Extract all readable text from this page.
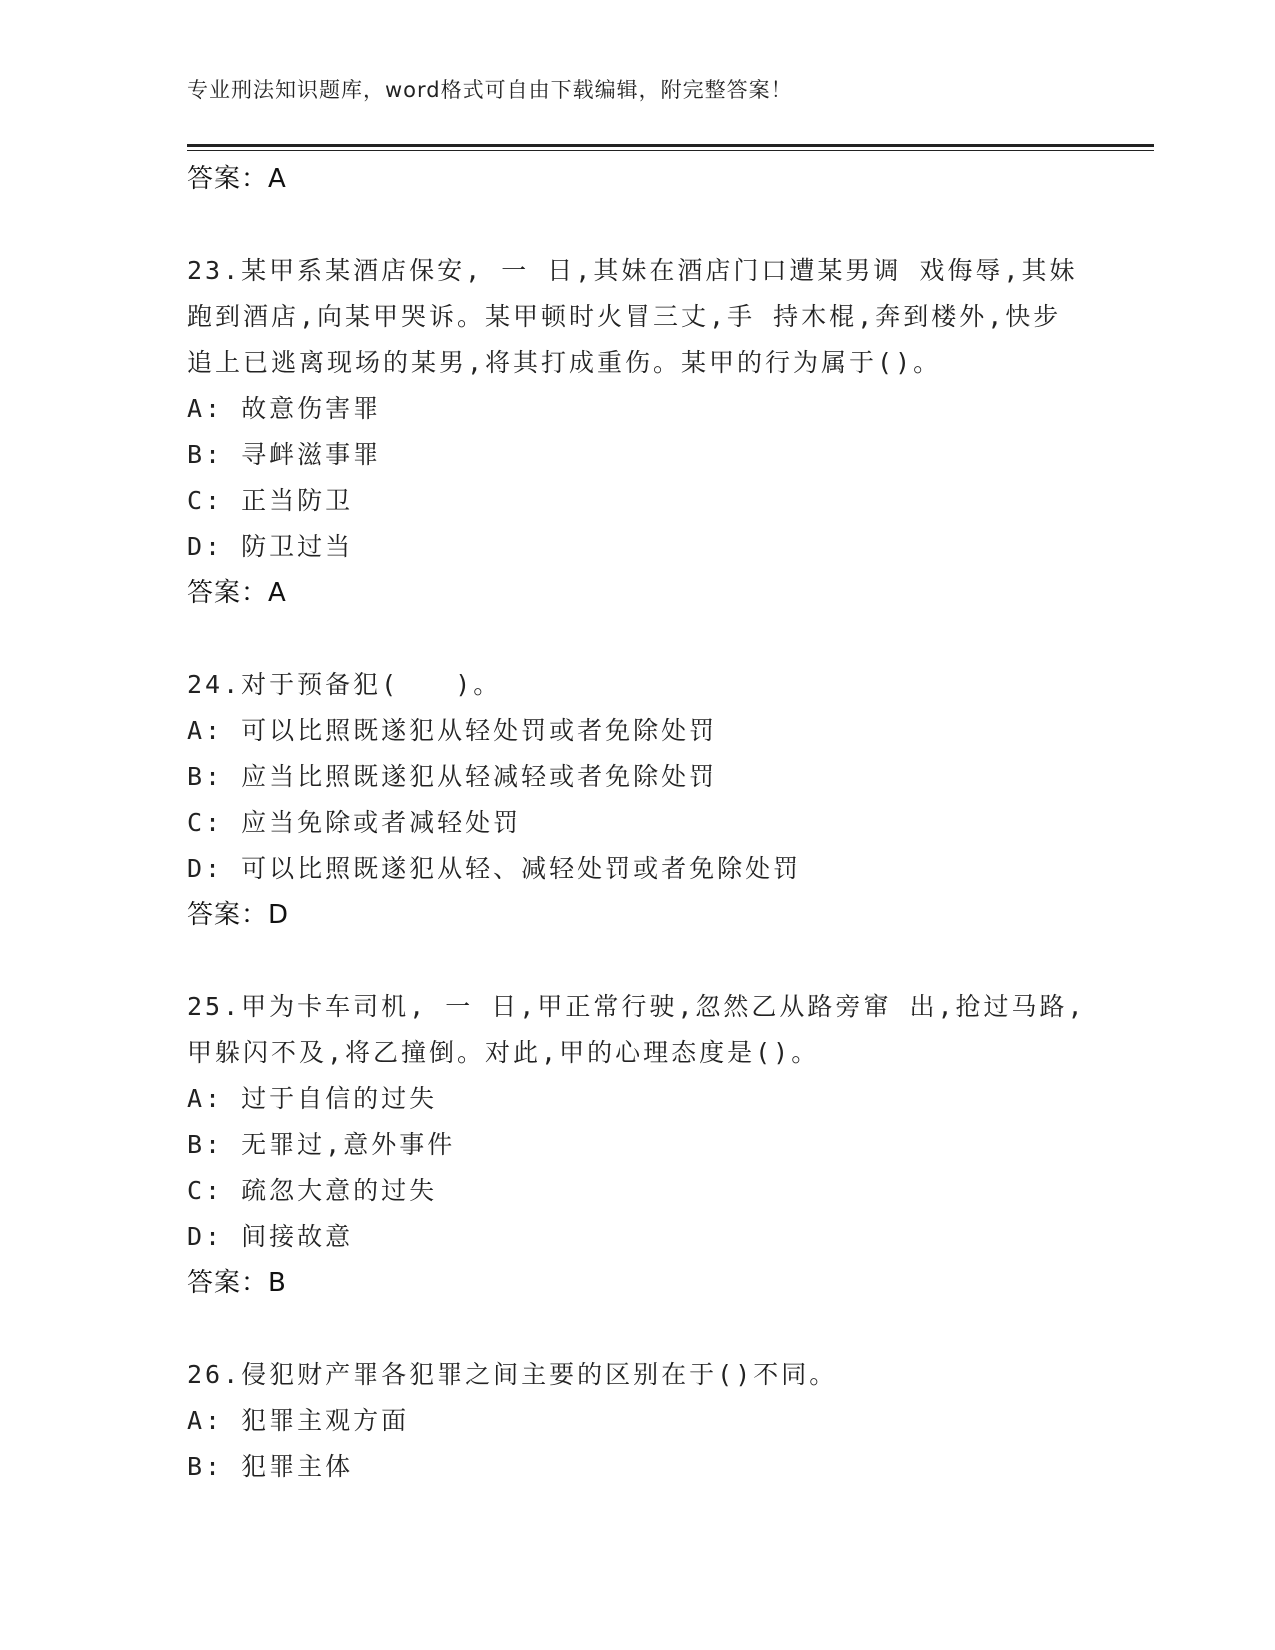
专业刑法知识题库，word格式可自由下载编辑，附完整答案！
答案：A
23.某甲系某酒店保安, 一 日,其妹在酒店门口遭某男调 戏侮辱,其妹
跑到酒店,向某甲哭诉。某甲顿时火冒三丈,手 持木棍,奔到楼外,快步
追上已逃离现场的某男,将其打成重伤。某甲的行为属于()。
A: 故意伤害罪
B: 寻衅滋事罪
C: 正当防卫
D: 防卫过当
答案：A
24.对于预备犯(　　)。
A: 可以比照既遂犯从轻处罚或者免除处罚
B: 应当比照既遂犯从轻减轻或者免除处罚
C: 应当免除或者减轻处罚
D: 可以比照既遂犯从轻、减轻处罚或者免除处罚
答案：D
25.甲为卡车司机, 一 日,甲正常行驶,忽然乙从路旁窜 出,抢过马路,
甲躲闪不及,将乙撞倒。对此,甲的心理态度是()。
A: 过于自信的过失
B: 无罪过,意外事件
C: 疏忽大意的过失
D: 间接故意
答案：B
26.侵犯财产罪各犯罪之间主要的区别在于()不同。
A: 犯罪主观方面
B: 犯罪主体
